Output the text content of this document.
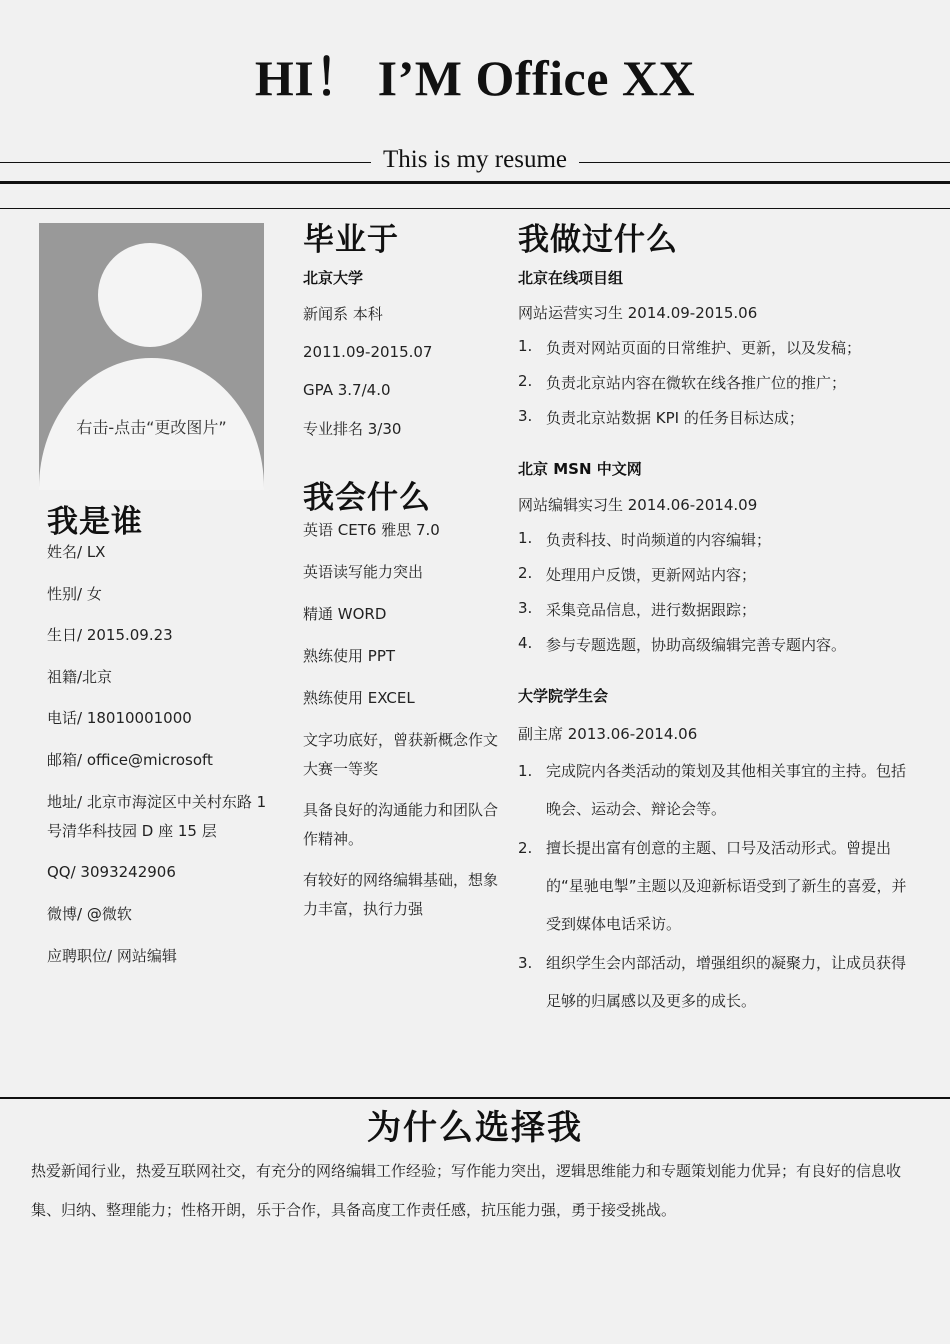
HI！ I’M Office XX
This is my resume
右击-点击“更改图片”
我是谁
姓名/ LX
性别/ 女
生日/ 2015.09.23
祖籍/北京
电话/ 18010001000
邮箱/ office@microsoft
地址/ 北京市海淀区中关村东路 1 号清华科技园 D 座 15 层
QQ/ 3093242906
微博/ @微软
应聘职位/ 网站编辑
毕业于
北京大学
新闻系 本科
2011.09-2015.07
GPA 3.7/4.0
专业排名 3/30
我会什么
英语 CET6 雅思 7.0
英语读写能力突出
精通 WORD
熟练使用 PPT
熟练使用 EXCEL
文字功底好，曾获新概念作文大赛一等奖
具备良好的沟通能力和团队合作精神。
有较好的网络编辑基础，想象力丰富，执行力强
我做过什么
北京在线项目组
网站运营实习生 2014.09-2015.06
1. 负责对网站页面的日常维护、更新，以及发稿；
2. 负责北京站内容在微软在线各推广位的推广；
3. 负责北京站数据 KPI 的任务目标达成；
北京 MSN 中文网
网站编辑实习生 2014.06-2014.09
1. 负责科技、时尚频道的内容编辑；
2. 处理用户反馈，更新网站内容；
3. 采集竞品信息，进行数据跟踪；
4. 参与专题选题，协助高级编辑完善专题内容。
大学院学生会
副主席 2013.06-2014.06
1. 完成院内各类活动的策划及其他相关事宜的主持。包括晚会、运动会、辩论会等。
2. 擅长提出富有创意的主题、口号及活动形式。曾提出的“星驰电掣”主题以及迎新标语受到了新生的喜爱，并受到媒体电话采访。
3. 组织学生会内部活动，增强组织的凝聚力，让成员获得足够的归属感以及更多的成长。
为什么选择我
热爱新闻行业，热爱互联网社交，有充分的网络编辑工作经验；写作能力突出，逻辑思维能力和专题策划能力优异；有良好的信息收集、归纳、整理能力；性格开朗，乐于合作，具备高度工作责任感，抗压能力强，勇于接受挑战。
